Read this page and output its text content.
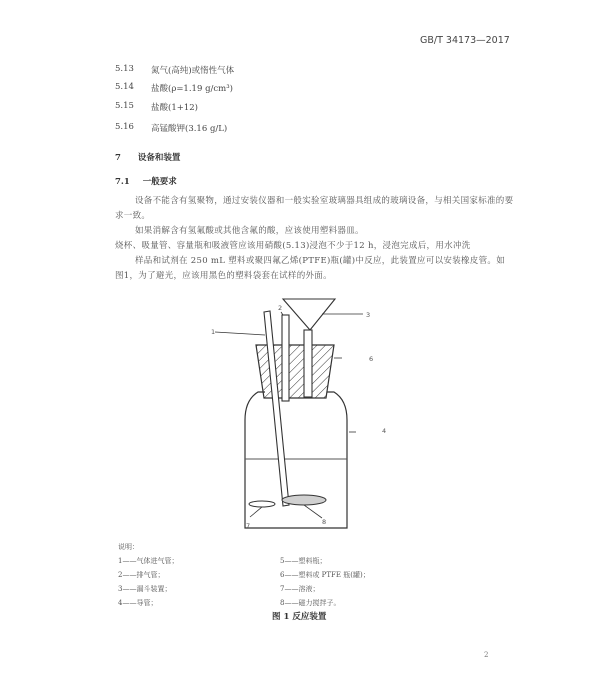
GB/T 34173—2017
5.13 氮气(高纯)或惰性气体
5.14 盐酸(ρ=1.19 g/cm³)
5.15 盐酸(1+12)
5.16 高锰酸钾(3.16 g/L)
7 设备和装置
7.1 一般要求
设备不能含有氢聚物，通过安装仪器和一般实验室玻璃器具组成的玻璃设备，与相关国家标准的要
求一致。
如果消解含有氢氟酸或其他含氟的酸，应该使用塑料器皿。
烧杯、吸量管、容量瓶和吸液管应该用硝酸(5.13)浸泡不少于12 h，浸泡完成后，用水冲洗
样品和试剂在 250 mL 塑料或聚四氟乙烯(PTFE)瓶(罐)中反应，此装置应可以安装橡皮管。如
图1，为了避光，应该用黑色的塑料袋套在试样的外面。
1
2
3
4
6
7	8
说明：
1——气体进气管；
2——排气管；
3——漏斗装置；
4——导管；
5——塑料瓶；
6——塑料或 PTFE 瓶(罐)；
7——溶液；
8——磁力搅拌子。
图 1 反应装置
2
